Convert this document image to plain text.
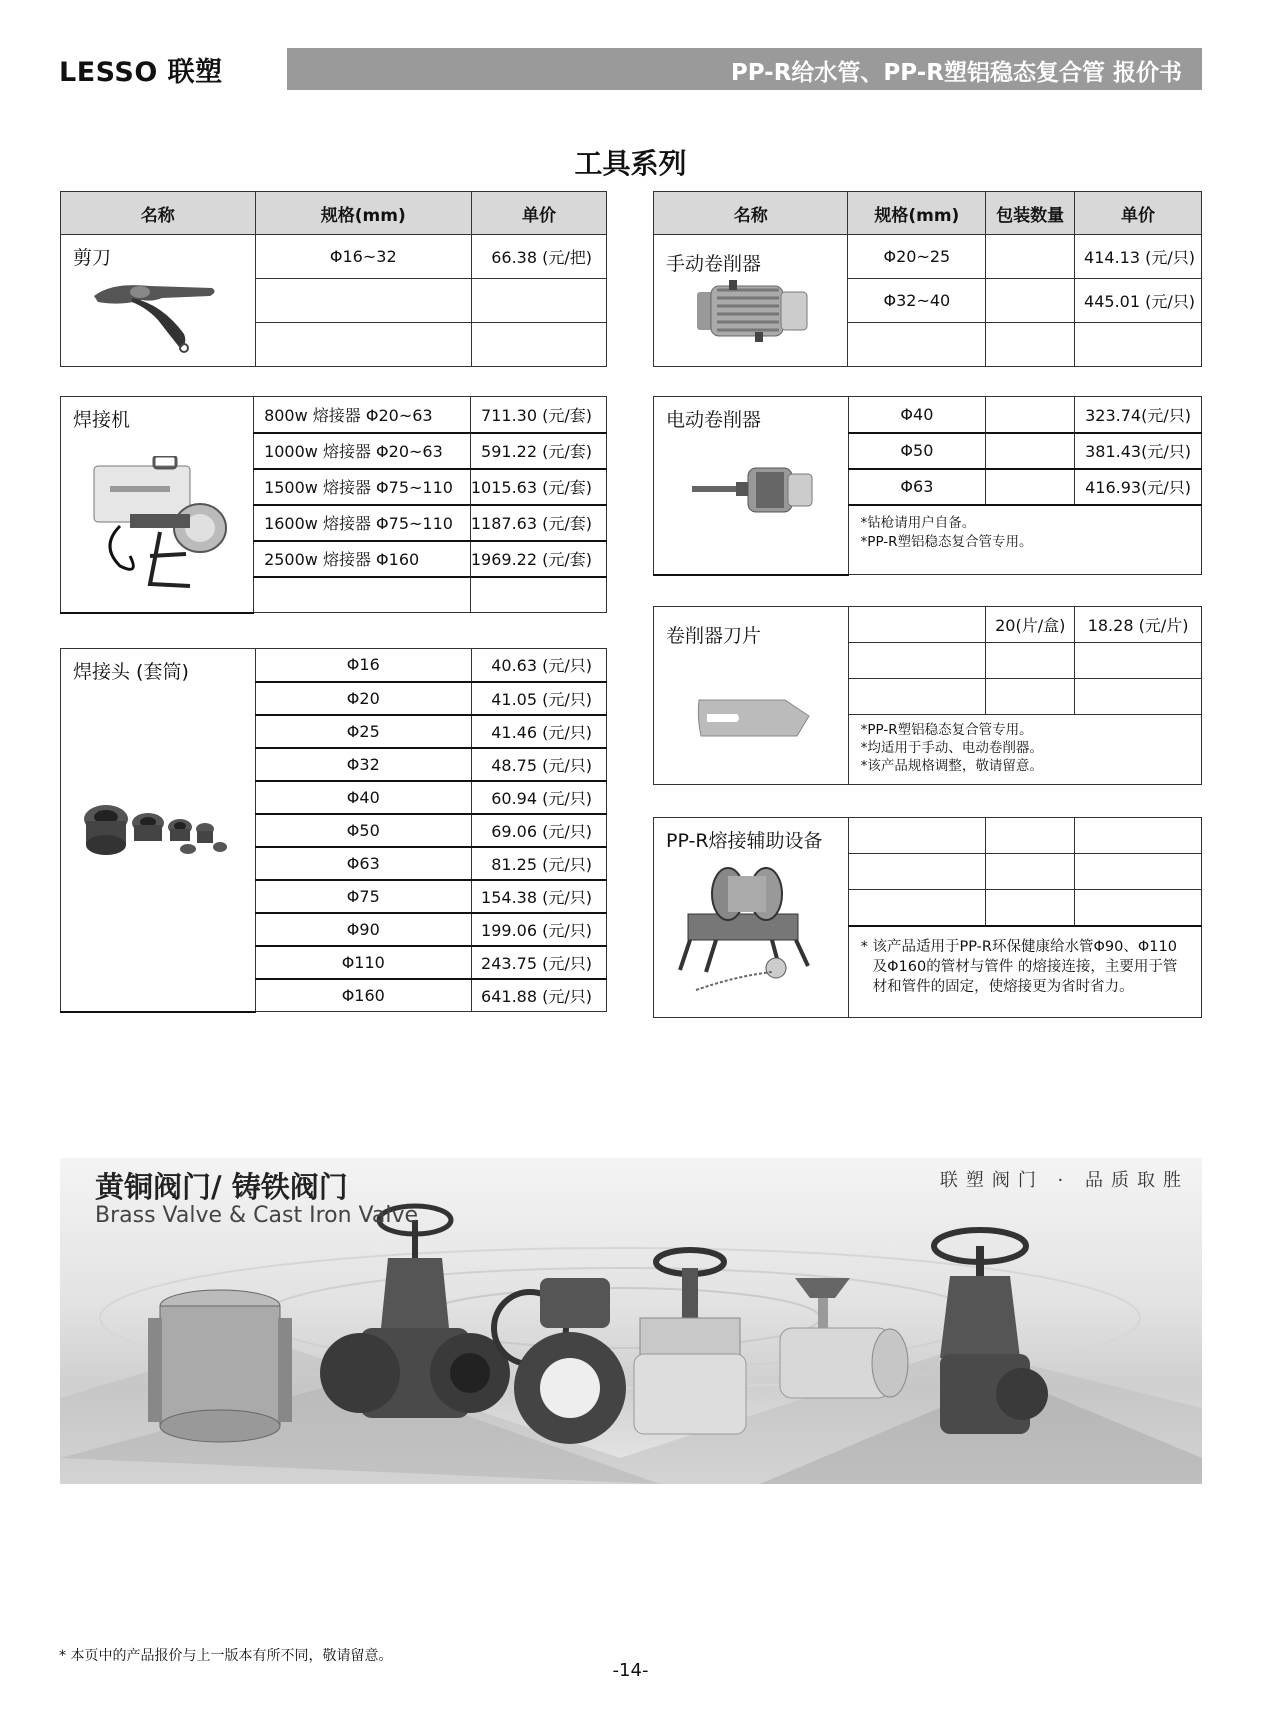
LESSO 联塑	PP-R给水管、PP-R塑铝稳态复合管 报价书
工具系列
名称	规格(mm)	单价

剪刀	Φ16~32	66.38 (元/把)

焊接机	800w 熔接器 Φ20~63	711.30 (元/套)
	1000w 熔接器 Φ20~63	591.22 (元/套)
	1500w 熔接器 Φ75~110	1015.63 (元/套)
	1600w 熔接器 Φ75~110	1187.63 (元/套)
	2500w 熔接器 Φ160	1969.22 (元/套)

焊接头 (套筒)	Φ16	40.63 (元/只)
	Φ20	41.05 (元/只)
	Φ25	41.46 (元/只)
	Φ32	48.75 (元/只)
	Φ40	60.94 (元/只)
	Φ50	69.06 (元/只)
	Φ63	81.25 (元/只)
	Φ75	154.38 (元/只)
	Φ90	199.06 (元/只)
	Φ110	243.75 (元/只)
	Φ160	641.88 (元/只)
名称	规格(mm)	包装数量	单价

手动卷削器	Φ20~25		414.13 (元/只)
	Φ32~40		445.01 (元/只)

电动卷削器	Φ40		323.74(元/只)
	Φ50		381.43(元/只)
	Φ63		416.93(元/只)

	*钻枪请用户自备。
*PP-R塑铝稳态复合管专用。		
卷削器刀片		20(片/盒)	18.28 (元/片)

	*PP-R塑铝稳态复合管专用。
*均适用于手动、电动卷削器。
*该产品规格调整，敬请留意。		
PP-R熔接辅助设备			

	* 该产品适用于PP-R环保健康给水管Φ90、Φ110
及Φ160的管材与管件 的熔接连接，主要用于管
材和管件的固定，使熔接更为省时省力。		
黄铜阀门/ 铸铁阀门
Brass Valve & Cast Iron Valve
联塑阀门 · 品质取胜
* 本页中的产品报价与上一版本有所不同，敬请留意。
-14-
